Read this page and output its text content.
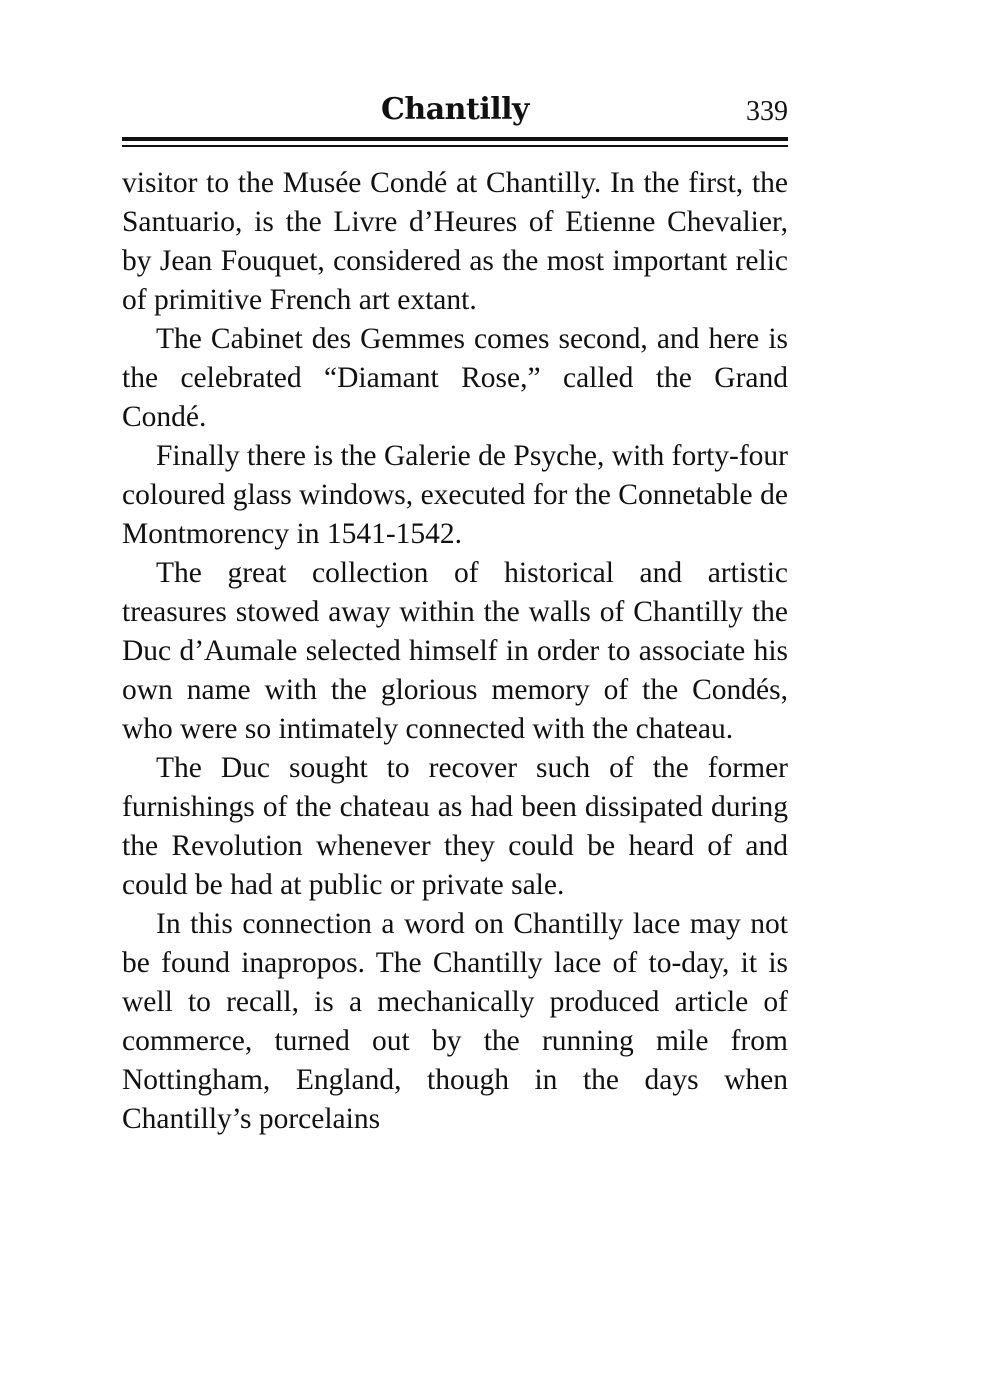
Chantilly	339

visitor to the Musée Condé at Chantilly. In the first, the Santuario, is the Livre d’Heures of Etienne Chevalier, by Jean Fouquet, considered as the most important relic of primitive French art extant.

The Cabinet des Gemmes comes second, and here is the celebrated “Diamant Rose,” called the Grand Condé.

Finally there is the Galerie de Psyche, with forty-four coloured glass windows, executed for the Connetable de Montmorency in 1541-1542.

The great collection of historical and artistic treasures stowed away within the walls of Chantilly the Duc d’Aumale selected himself in order to associate his own name with the glorious memory of the Condés, who were so intimately connected with the chateau.

The Duc sought to recover such of the former furnishings of the chateau as had been dissipated during the Revolution whenever they could be heard of and could be had at public or private sale.

In this connection a word on Chantilly lace may not be found inapropos. The Chantilly lace of to-day, it is well to recall, is a mechanically produced article of commerce, turned out by the running mile from Nottingham, England, though in the days when Chantilly’s porcelains
